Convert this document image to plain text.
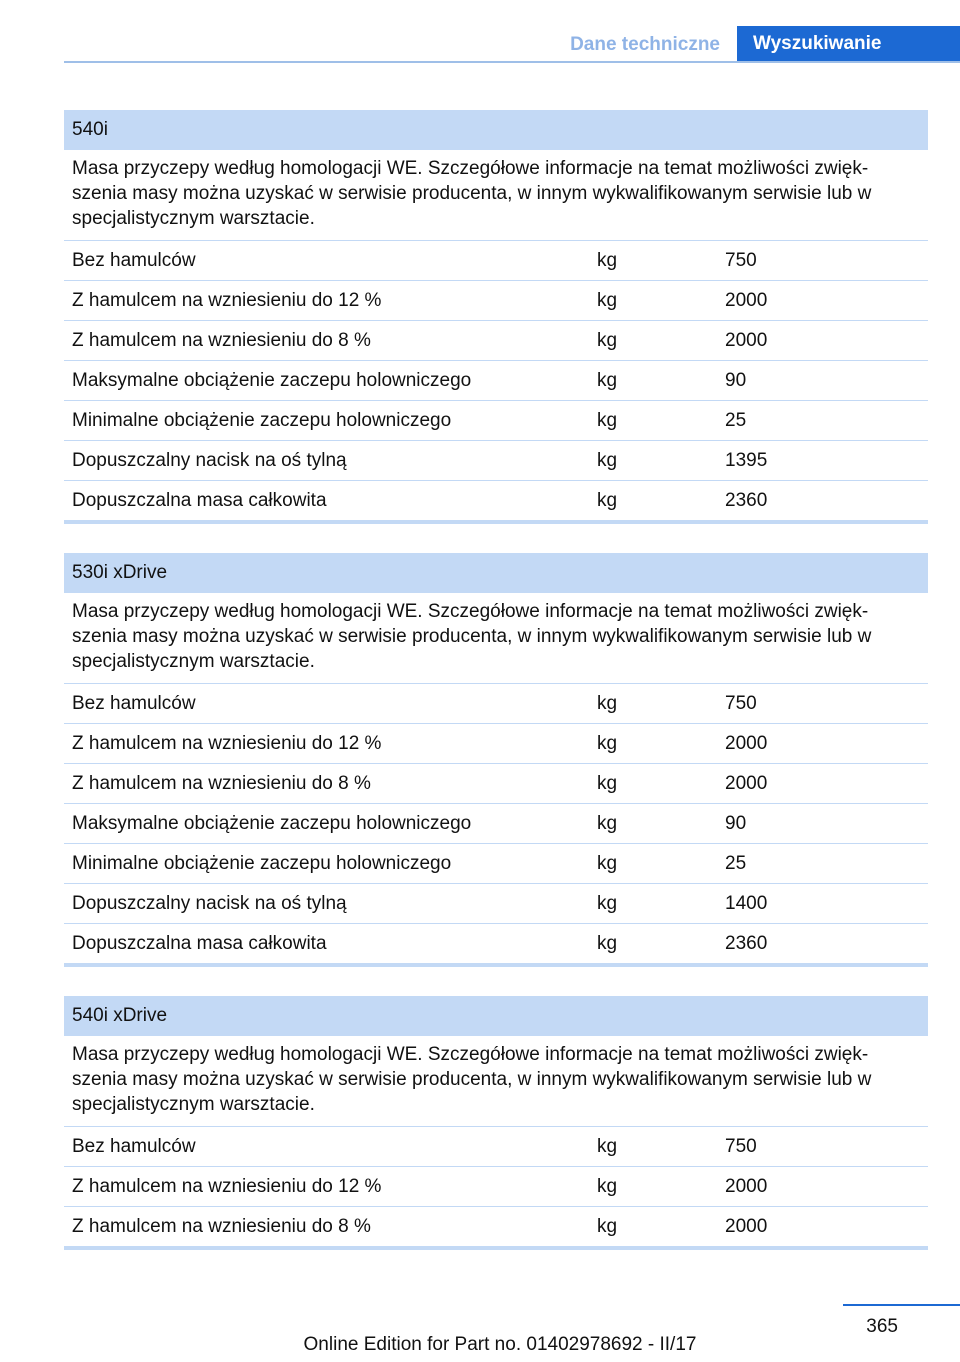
Dane techniczne	Wyszukiwanie
540i
Masa przyczepy według homologacji WE. Szczegółowe informacje na temat możliwości zwięk-
szenia masy można uzyskać w serwisie producenta, w innym wykwalifikowanym serwisie lub w
specjalistycznym warsztacie.
Bez hamulców	kg	750
Z hamulcem na wzniesieniu do 12 %	kg	2000
Z hamulcem na wzniesieniu do 8 %	kg	2000
Maksymalne obciążenie zaczepu holowniczego	kg	90
Minimalne obciążenie zaczepu holowniczego	kg	25
Dopuszczalny nacisk na oś tylną	kg	1395
Dopuszczalna masa całkowita	kg	2360
530i xDrive
Masa przyczepy według homologacji WE. Szczegółowe informacje na temat możliwości zwięk-
szenia masy można uzyskać w serwisie producenta, w innym wykwalifikowanym serwisie lub w
specjalistycznym warsztacie.
Bez hamulców	kg	750
Z hamulcem na wzniesieniu do 12 %	kg	2000
Z hamulcem na wzniesieniu do 8 %	kg	2000
Maksymalne obciążenie zaczepu holowniczego	kg	90
Minimalne obciążenie zaczepu holowniczego	kg	25
Dopuszczalny nacisk na oś tylną	kg	1400
Dopuszczalna masa całkowita	kg	2360
540i xDrive
Masa przyczepy według homologacji WE. Szczegółowe informacje na temat możliwości zwięk-
szenia masy można uzyskać w serwisie producenta, w innym wykwalifikowanym serwisie lub w
specjalistycznym warsztacie.
Bez hamulców	kg	750
Z hamulcem na wzniesieniu do 12 %	kg	2000
Z hamulcem na wzniesieniu do 8 %	kg	2000
365
Online Edition for Part no. 01402978692 - II/17
